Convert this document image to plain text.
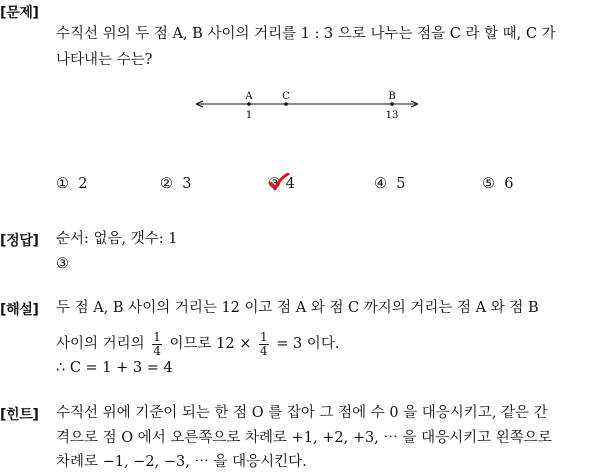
[문제]
수직선 위의 두 점 A, B 사이의 거리를 1 : 3 으로 나누는 점을 C 라 할 때, C 가
나타내는 수는?
A	C	B
1	13
① 2	② 3	③ 4	④ 5	⑤ 6
[정답] 순서: 없음, 갯수: 1
③
[해설] 두 점 A, B 사이의 거리는 12 이고 점 A 와 점 C 까지의 거리는 점 A 와 점 B
사이의 거리의 $\frac{1}{4}$ 이므로 $12 \times \frac{1}{4} = 3$ 이다.
∴ C = 1 + 3 = 4
[힌트] 수직선 위에 기준이 되는 한 점 O 를 잡아 그 점에 수 0 을 대응시키고, 같은 간
격으로 점 O 에서 오른쪽으로 차례로 +1, +2, +3, ⋯ 을 대응시키고 왼쪽으로
차례로 −1, −2, −3, ⋯ 을 대응시킨다.
